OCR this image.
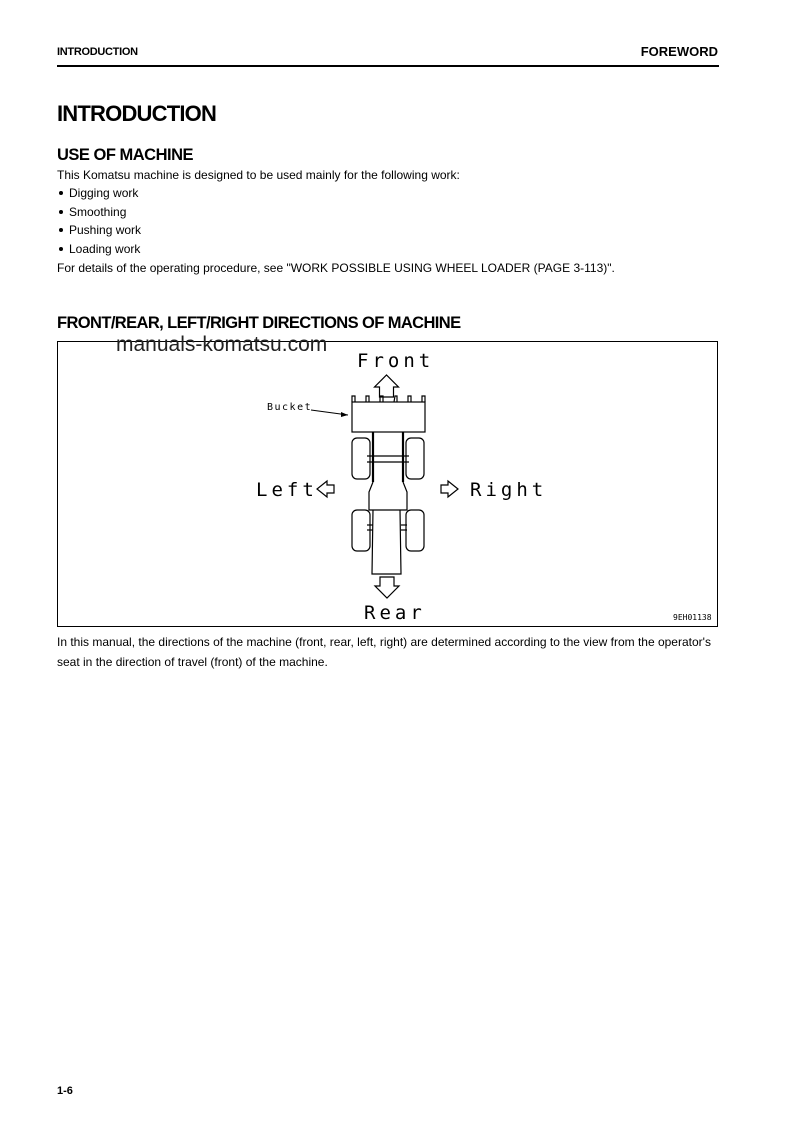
INTRODUCTION	FOREWORD
INTRODUCTION
USE OF MACHINE
This Komatsu machine is designed to be used mainly for the following work:
Digging work
Smoothing
Pushing work
Loading work
For details of the operating procedure, see "WORK POSSIBLE USING WHEEL LOADER (PAGE 3-113)".
FRONT/REAR, LEFT/RIGHT DIRECTIONS OF MACHINE
Front
Bucket
Left	Right
Rear	9EH01138
manuals-komatsu.com
In this manual, the directions of the machine (front, rear, left, right) are determined according to the view from the operator's seat in the direction of travel (front) of the machine.
1-6
